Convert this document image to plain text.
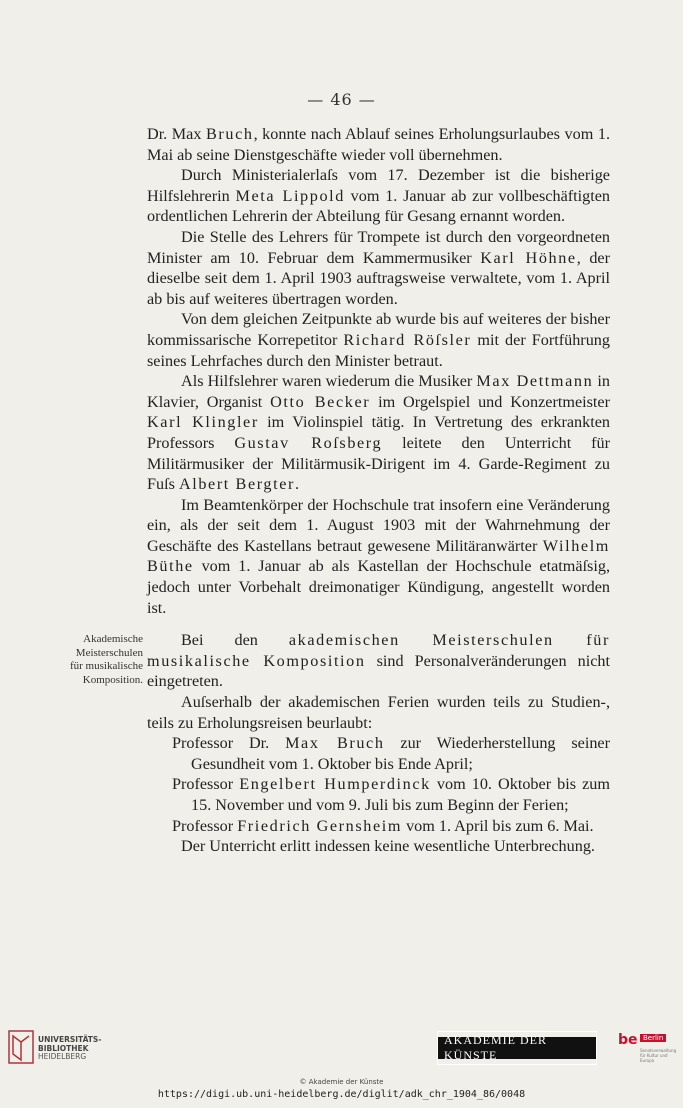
— 46 —

Dr. Max Bruch, konnte nach Ablauf seines Erholungsurlaubes vom 1. Mai ab seine Dienstgeschäfte wieder voll übernehmen.

Durch Ministerialerlaſs vom 17. Dezember ist die bisherige Hilfslehrerin Meta Lippold vom 1. Januar ab zur vollbeschäftigten ordentlichen Lehrerin der Abteilung für Gesang ernannt worden.

Die Stelle des Lehrers für Trompete ist durch den vorgeordneten Minister am 10. Februar dem Kammermusiker Karl Höhne, der dieselbe seit dem 1. April 1903 auftragsweise verwaltete, vom 1. April ab bis auf weiteres übertragen worden.

Von dem gleichen Zeitpunkte ab wurde bis auf weiteres der bisher kommissarische Korrepetitor Richard Röſsler mit der Fortführung seines Lehrfaches durch den Minister betraut.

Als Hilfslehrer waren wiederum die Musiker Max Dettmann in Klavier, Organist Otto Becker im Orgelspiel und Konzertmeister Karl Klingler im Violinspiel tätig. In Vertretung des erkrankten Professors Gustav Roſsberg leitete den Unterricht für Militärmusiker der Militärmusik-Dirigent im 4. Garde-Regiment zu Fuſs Albert Bergter.

Im Beamtenkörper der Hochschule trat insofern eine Veränderung ein, als der seit dem 1. August 1903 mit der Wahrnehmung der Geschäfte des Kastellans betraut gewesene Militäranwärter Wilhelm Büthe vom 1. Januar ab als Kastellan der Hochschule etatmäſsig, jedoch unter Vorbehalt dreimonatiger Kündigung, angestellt worden ist.

Akademische Meisterschulen für musikalische Komposition.

Bei den akademischen Meisterschulen für musikalische Komposition sind Personalveränderungen nicht eingetreten.

Auſserhalb der akademischen Ferien wurden teils zu Studien-, teils zu Erholungsreisen beurlaubt:

Professor Dr. Max Bruch zur Wiederherstellung seiner Gesundheit vom 1. Oktober bis Ende April;

Professor Engelbert Humperdinck vom 10. Oktober bis zum 15. November und vom 9. Juli bis zum Beginn der Ferien;

Professor Friedrich Gernsheim vom 1. April bis zum 6. Mai.

Der Unterricht erlitt indessen keine wesentliche Unterbrechung.

UNIVERSITÄTS-
BIBLIOTHEK
HEIDELBERG
AKADEMIE DER KÜNSTE
be Berlin
Senatsverwaltung für Kultur und Europa
© Akademie der Künste
https://digi.ub.uni-heidelberg.de/diglit/adk_chr_1904_86/0048
